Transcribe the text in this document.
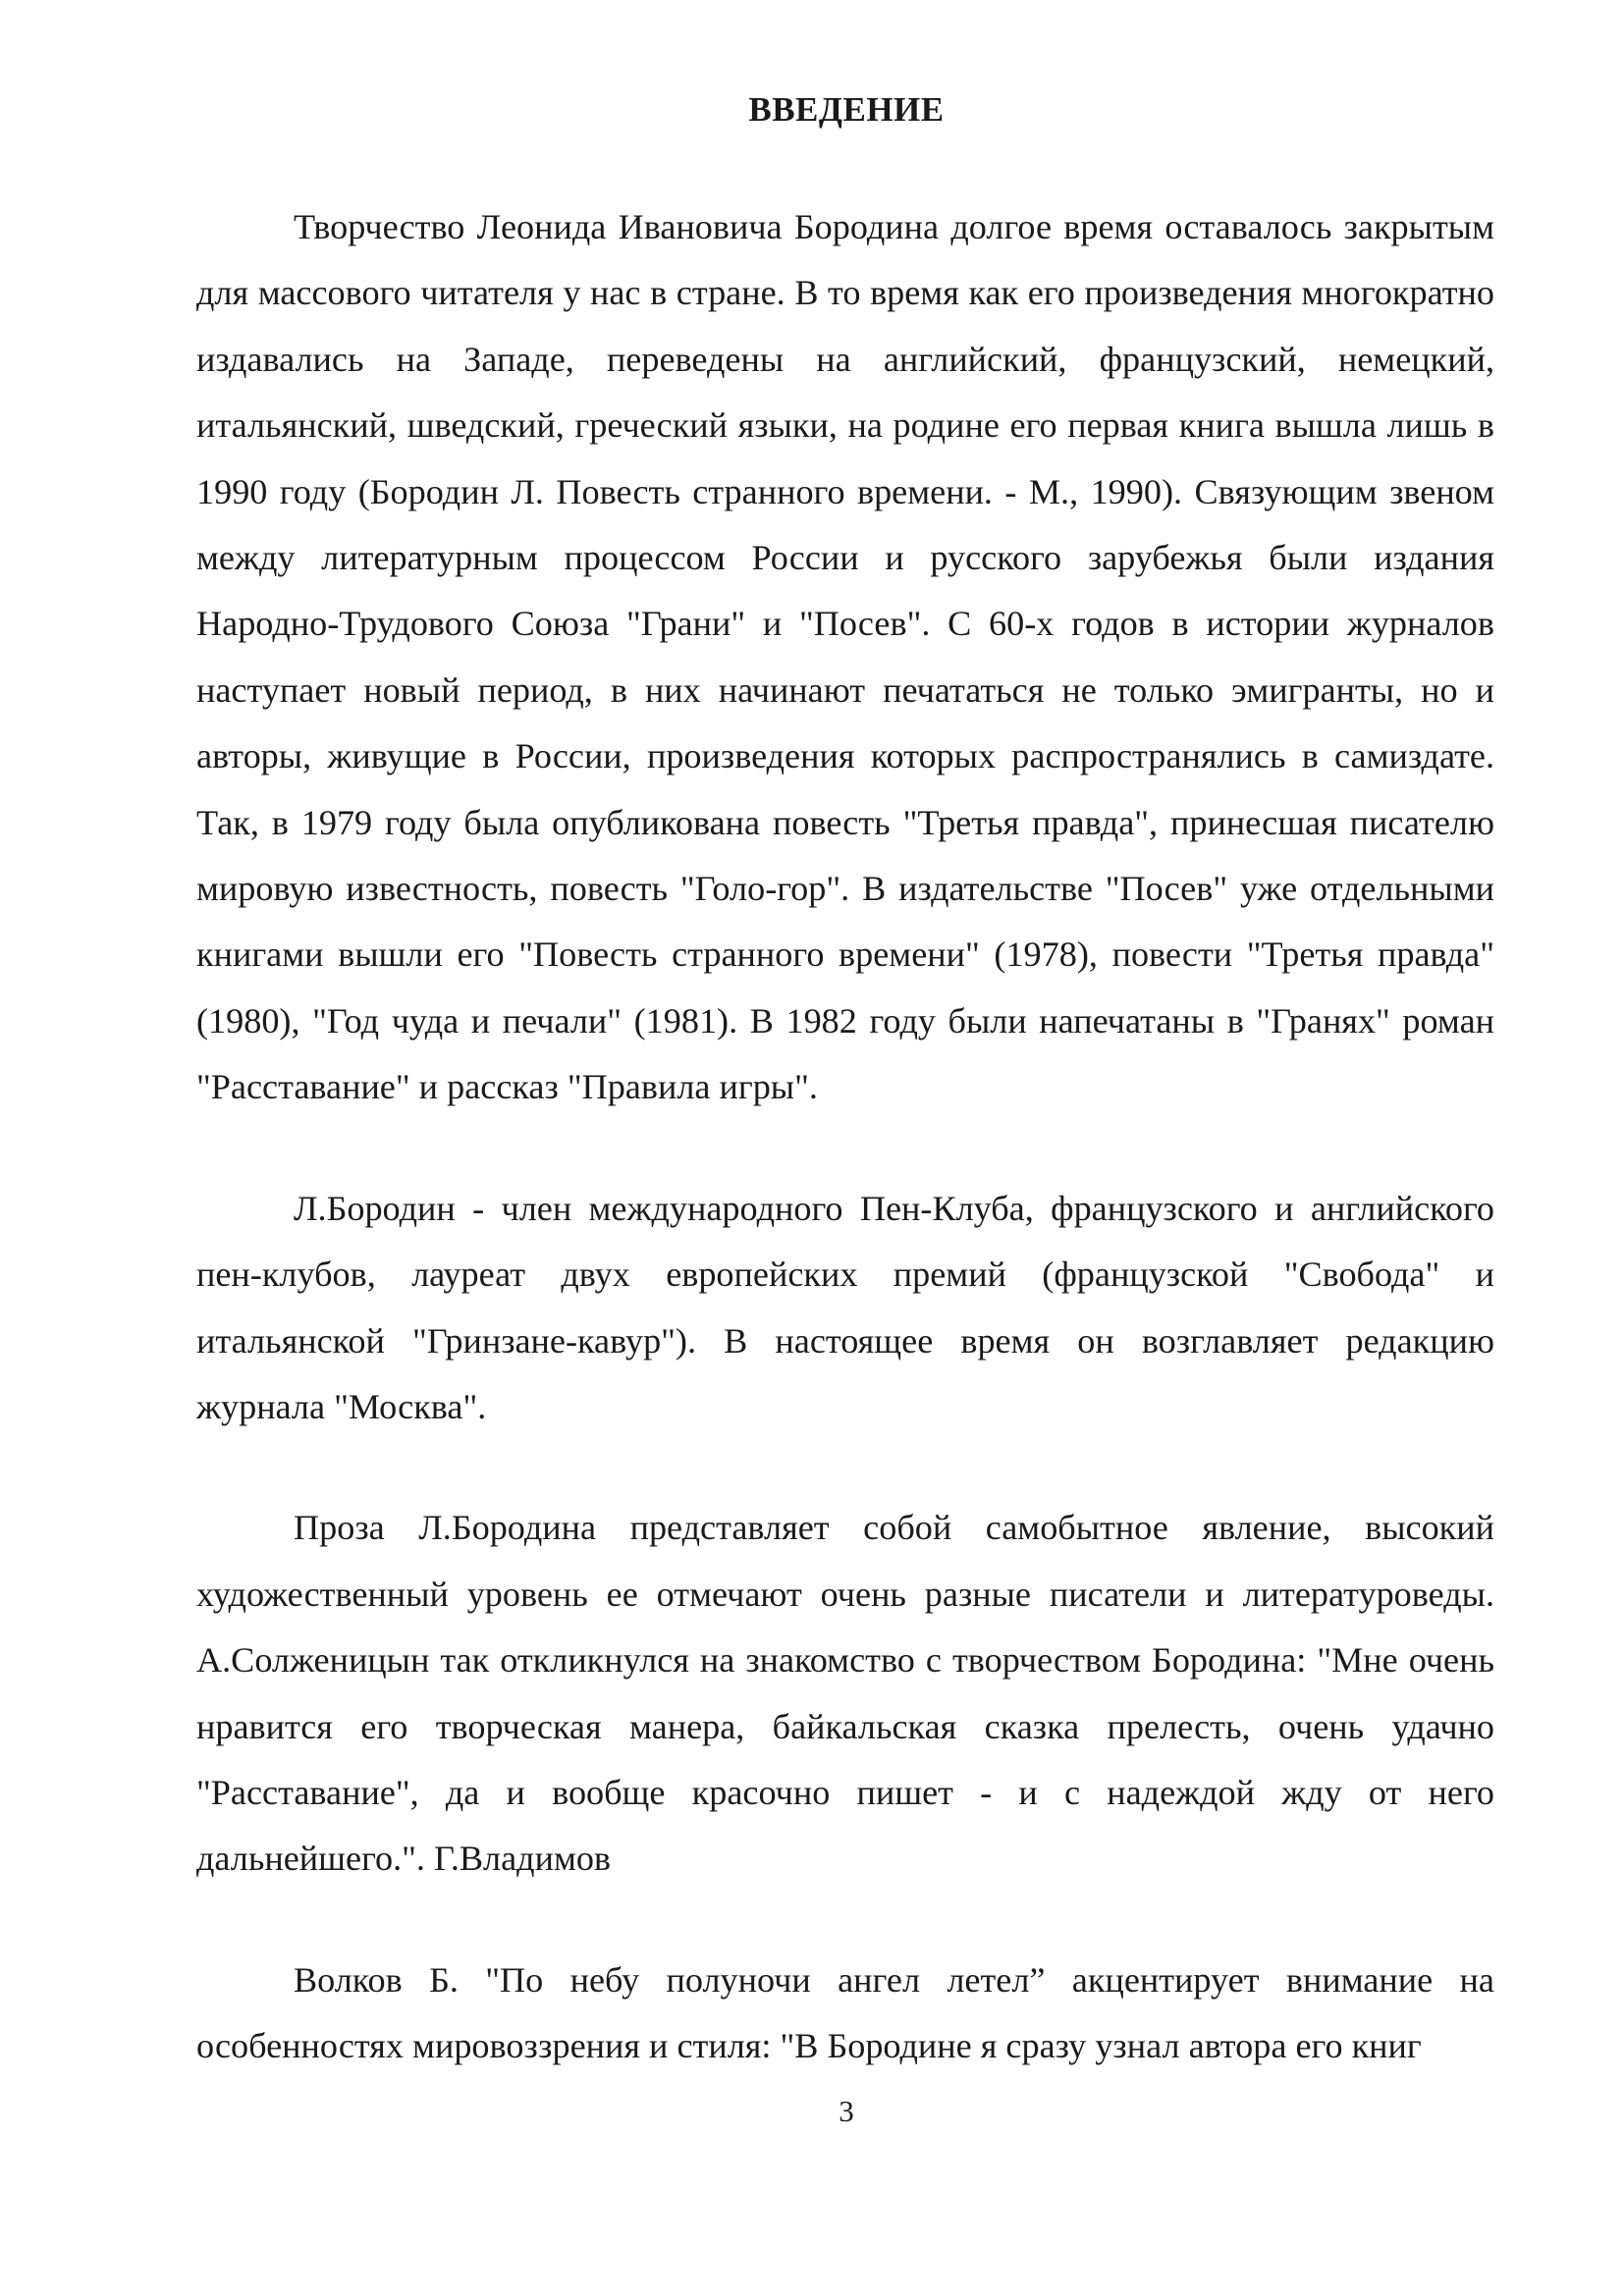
ВВЕДЕНИЕ

Творчество Леонида Ивановича Бородина долгое время оставалось закрытым для массового читателя у нас в стране. В то время как его произведения многократно издавались на Западе, переведены на английский, французский, немецкий, итальянский, шведский, греческий языки, на родине его первая книга вышла лишь в 1990 году (Бородин Л. Повесть странного времени. - М., 1990). Связующим звеном между литературным процессом России и русского зарубежья были издания Народно-Трудового Союза "Грани" и "Посев". С 60-х годов в истории журналов наступает новый период, в них начинают печататься не только эмигранты, но и авторы, живущие в России, произведения которых распространялись в самиздате. Так, в 1979 году была опубликована повесть "Третья правда", принесшая писателю мировую известность, повесть "Голо-гор". В издательстве "Посев" уже отдельными книгами вышли его "Повесть странного времени" (1978), повести "Третья правда" (1980), "Год чуда и печали" (1981). В 1982 году были напечатаны в "Гранях" роман "Расставание" и рассказ "Правила игры".

Л.Бородин - член международного Пен-Клуба, французского и английского пен-клубов, лауреат двух европейских премий (французской "Свобода" и итальянской "Гринзане-кавур"). В настоящее время он возглавляет редакцию журнала "Москва".

Проза Л.Бородина представляет собой самобытное явление, высокий художественный уровень ее отмечают очень разные писатели и литературоведы. А.Солженицын так откликнулся на знакомство с творчеством Бородина: "Мне очень нравится его творческая манера, байкальская сказка прелесть, очень удачно "Расставание", да и вообще красочно пишет - и с надеждой жду от него дальнейшего.". Г.Владимов

Волков Б. "По небу полуночи ангел летел” акцентирует внимание на особенностях мировоззрения и стиля: "В Бородине я сразу узнал автора его книг

3
